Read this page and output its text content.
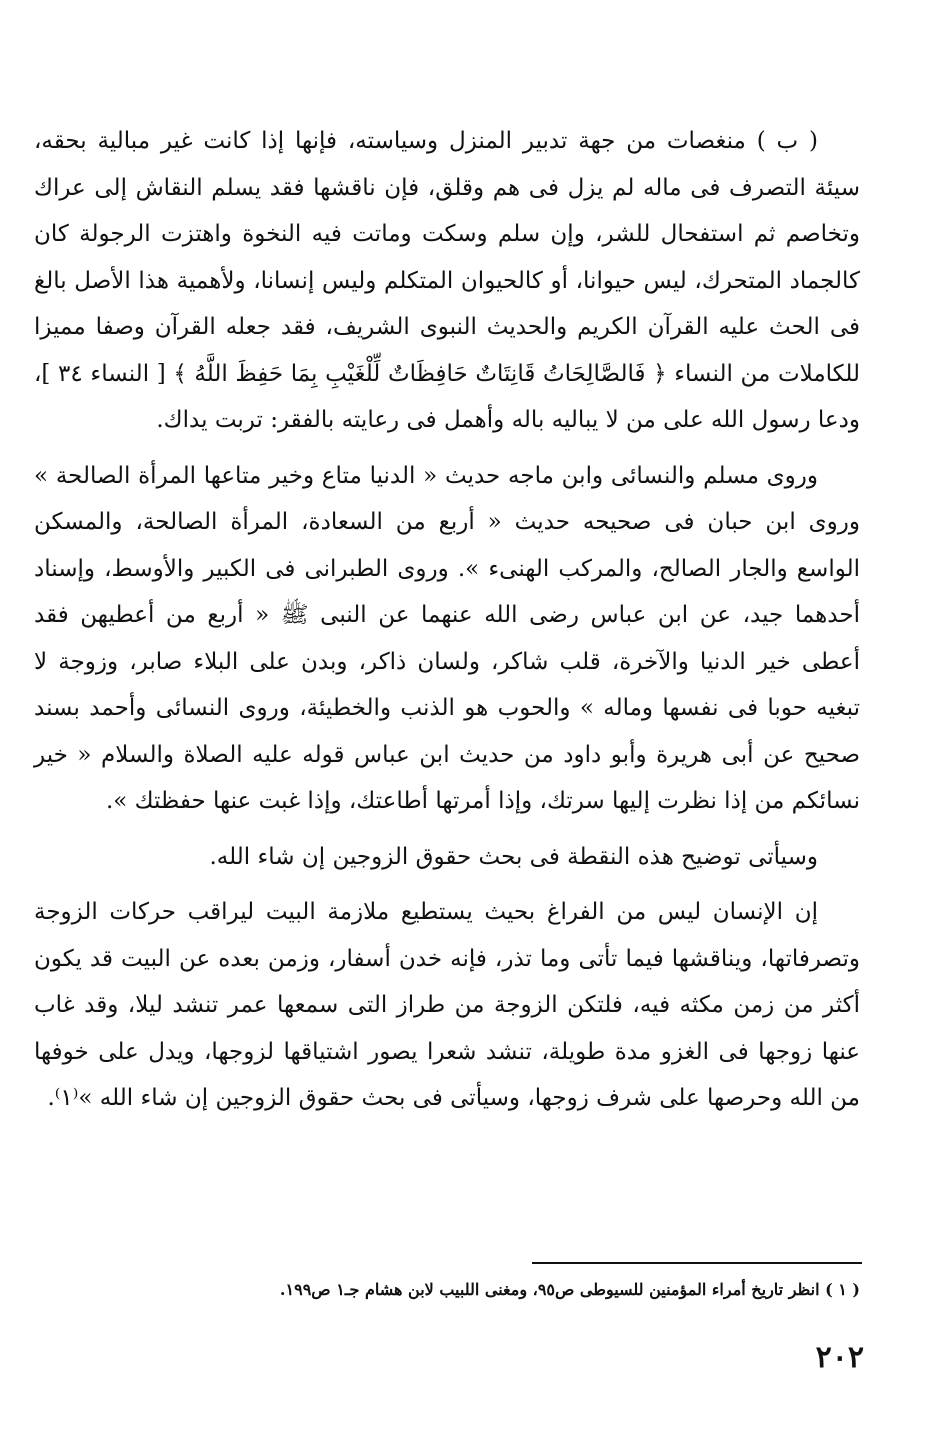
( ب ) منغصات من جهة تدبير المنزل وسياسته، فإنها إذا كانت غير مبالية بحقه، سيئة التصرف فى ماله لم يزل فى هم وقلق، فإن ناقشها فقد يسلم النقاش إلى عراك وتخاصم ثم استفحال للشر، وإن سلم وسكت وماتت فيه النخوة واهتزت الرجولة كان كالجماد المتحرك، ليس حيوانا، أو كالحيوان المتكلم وليس إنسانا، ولأهمية هذا الأصل بالغ فى الحث عليه القرآن الكريم والحديث النبوى الشريف، فقد جعله القرآن وصفا مميزا للكاملات من النساء ﴿ فَالصَّالِحَاتُ قَانِتَاتٌ حَافِظَاتٌ لِّلْغَيْبِ بِمَا حَفِظَ اللَّهُ ﴾ [ النساء ٣٤ ]، ودعا رسول الله على من لا يباليه باله وأهمل فى رعايته بالفقر: تربت يداك.

وروى مسلم والنسائى وابن ماجه حديث « الدنيا متاع وخير متاعها المرأة الصالحة » وروى ابن حبان فى صحيحه حديث « أربع من السعادة، المرأة الصالحة، والمسكن الواسع والجار الصالح، والمركب الهنىء ». وروى الطبرانى فى الكبير والأوسط، وإسناد أحدهما جيد، عن ابن عباس رضى الله عنهما عن النبى ﷺ « أربع من أعطيهن فقد أعطى خير الدنيا والآخرة، قلب شاكر، ولسان ذاكر، وبدن على البلاء صابر، وزوجة لا تبغيه حوبا فى نفسها وماله » والحوب هو الذنب والخطيئة، وروى النسائى وأحمد بسند صحيح عن أبى هريرة وأبو داود من حديث ابن عباس قوله عليه الصلاة والسلام « خير نسائكم من إذا نظرت إليها سرتك، وإذا أمرتها أطاعتك، وإذا غبت عنها حفظتك ».

وسيأتى توضيح هذه النقطة فى بحث حقوق الزوجين إن شاء الله.

إن الإنسان ليس من الفراغ بحيث يستطيع ملازمة البيت ليراقب حركات الزوجة وتصرفاتها، ويناقشها فيما تأتى وما تذر، فإنه خدن أسفار، وزمن بعده عن البيت قد يكون أكثر من زمن مكثه فيه، فلتكن الزوجة من طراز التى سمعها عمر تنشد ليلا، وقد غاب عنها زوجها فى الغزو مدة طويلة، تنشد شعرا يصور اشتياقها لزوجها، ويدل على خوفها من الله وحرصها على شرف زوجها، وسيأتى فى بحث حقوق الزوجين إن شاء الله »⁽١⁾.

( ١ ) انظر تاريخ أمراء المؤمنين للسيوطى ص٩٥، ومغنى اللبيب لابن هشام جـ١ ص١٩٩.
٢٠٢
